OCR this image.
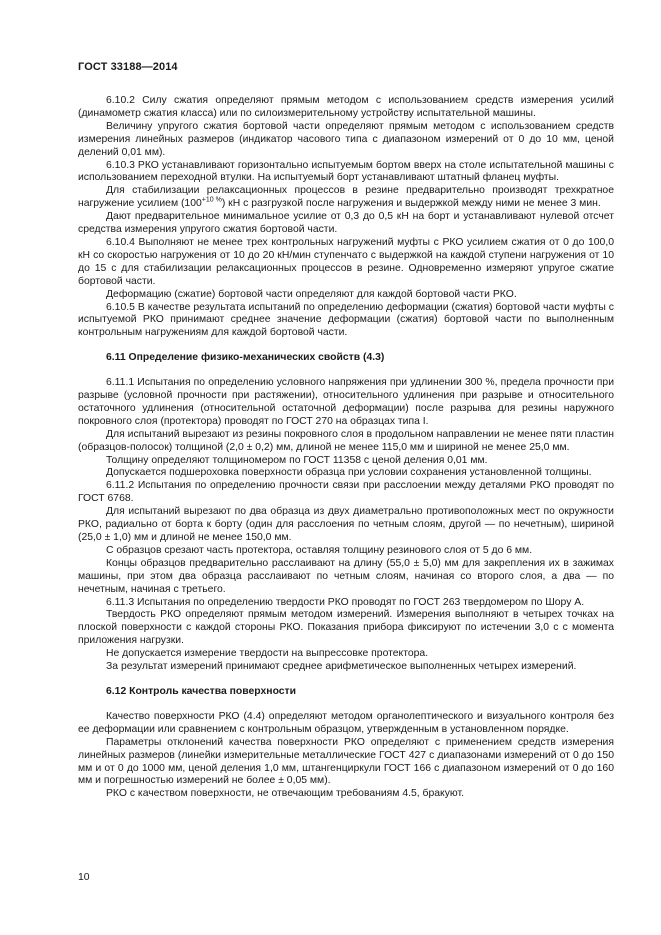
ГОСТ 33188—2014

6.10.2 Силу сжатия определяют прямым методом с использованием средств измерения усилий (динамометр сжатия класса) или по силоизмерительному устройству испытательной машины.

Величину упругого сжатия бортовой части определяют прямым методом с использованием средств измерения линейных размеров (индикатор часового типа с диапазоном измерений от 0 до 10 мм, ценой делений 0,01 мм).

6.10.3 РКО устанавливают горизонтально испытуемым бортом вверх на столе испытательной машины с использованием переходной втулки. На испытуемый борт устанавливают штатный фланец муфты.

Для стабилизации релаксационных процессов в резине предварительно производят трехкратное нагружение усилием $(100^{+10 \%})$ кН с разгрузкой после нагружения и выдержкой между ними не менее 3 мин.

Дают предварительное минимальное усилие от 0,3 до 0,5 кН на борт и устанавливают нулевой отсчет средства измерения упругого сжатия бортовой части.

6.10.4 Выполняют не менее трех контрольных нагружений муфты с РКО усилием сжатия от 0 до 100,0 кН со скоростью нагружения от 10 до 20 кН/мин ступенчато с выдержкой на каждой ступени нагружения от 10 до 15 с для стабилизации релаксационных процессов в резине. Одновременно измеряют упругое сжатие бортовой части.

Деформацию (сжатие) бортовой части определяют для каждой бортовой части РКО.

6.10.5 В качестве результата испытаний по определению деформации (сжатия) бортовой части муфты с испытуемой РКО принимают среднее значение деформации (сжатия) бортовой части по выполненным контрольным нагружениям для каждой бортовой части.

6.11 Определение физико-механических свойств (4.3)

6.11.1 Испытания по определению условного напряжения при удлинении 300 %, предела прочности при разрыве (условной прочности при растяжении), относительного удлинения при разрыве и относительного остаточного удлинения (относительной остаточной деформации) после разрыва для резины наружного покровного слоя (протектора) проводят по ГОСТ 270 на образцах типа I.

Для испытаний вырезают из резины покровного слоя в продольном направлении не менее пяти пластин (образцов-полосок) толщиной (2,0 ± 0,2) мм, длиной не менее 115,0 мм и шириной не менее 25,0 мм.

Толщину определяют толщиномером по ГОСТ 11358 с ценой деления 0,01 мм.

Допускается подшероховка поверхности образца при условии сохранения установленной толщины.

6.11.2 Испытания по определению прочности связи при расслоении между деталями РКО проводят по ГОСТ 6768.

Для испытаний вырезают по два образца из двух диаметрально противоположных мест по окружности РКО, радиально от борта к борту (один для расслоения по четным слоям, другой — по нечетным), шириной (25,0 ± 1,0) мм и длиной не менее 150,0 мм.

С образцов срезают часть протектора, оставляя толщину резинового слоя от 5 до 6 мм.

Концы образцов предварительно расслаивают на длину (55,0 ± 5,0) мм для закрепления их в зажимах машины, при этом два образца расслаивают по четным слоям, начиная со второго слоя, а два — по нечетным, начиная с третьего.

6.11.3 Испытания по определению твердости РКО проводят по ГОСТ 263 твердомером по Шору А.

Твердость РКО определяют прямым методом измерений. Измерения выполняют в четырех точках на плоской поверхности с каждой стороны РКО. Показания прибора фиксируют по истечении 3,0 с с момента приложения нагрузки.

Не допускается измерение твердости на выпрессовке протектора.

За результат измерений принимают среднее арифметическое выполненных четырех измерений.

6.12 Контроль качества поверхности

Качество поверхности РКО (4.4) определяют методом органолептического и визуального контроля без ее деформации или сравнением с контрольным образцом, утвержденным в установленном порядке.

Параметры отклонений качества поверхности РКО определяют с применением средств измерения линейных размеров (линейки измерительные металлические ГОСТ 427 с диапазонами измерений от 0 до 150 мм и от 0 до 1000 мм, ценой деления 1,0 мм, штангенциркули ГОСТ 166 с диапазоном измерений от 0 до 160 мм и погрешностью измерений не более ± 0,05 мм).

РКО с качеством поверхности, не отвечающим требованиям 4.5, бракуют.

10
